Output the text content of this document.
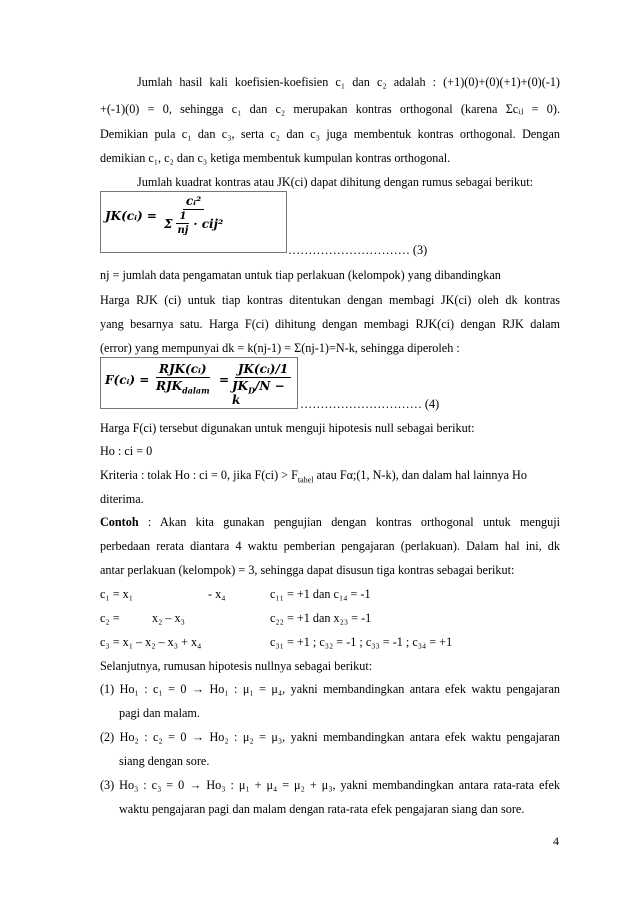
Jumlah hasil kali koefisien-koefisien c₁ dan c₂ adalah : (+1)(0)+(0)(+1)+(0)(-1)
+(-1)(0) = 0, sehingga c₁ dan c₂ merupakan kontras orthogonal (karena Σcᵢⱼ = 0).
Demikian pula c₁ dan c₃, serta c₂ dan c₃ juga membentuk kontras orthogonal. Dengan
demikian c₁, c₂ dan c₃ ketiga membentuk kumpulan kontras orthogonal.
Jumlah kuadrat kontras atau JK(ci) dapat dihitung dengan rumus sebagai berikut:
JK(cᵢ) =
cᵢ²
Σ $\frac{1}{nj} \cdot cij^2$
………………………… (3)
nj = jumlah data pengamatan untuk tiap perlakuan (kelompok) yang dibandingkan
Harga RJK (ci) untuk tiap kontras ditentukan dengan membagi JK(ci) oleh dk kontras
yang besarnya satu. Harga F(ci) dihitung dengan membagi RJK(ci) dengan RJK dalam
(error) yang mempunyai dk = k(nj-1) = Σ(nj-1)=N-k, sehingga diperoleh :
F(cᵢ) =
RJK(cᵢ)
$RJK_{dalam}$
=
JK(cᵢ)/1
$JK_D/N - k$	………………………… (4)
Harga F(ci) tersebut digunakan untuk menguji hipotesis null sebagai berikut:
Ho : ci = 0
Kriteria : tolak Ho : ci = 0, jika $F(ci) > F_{tabel}$ atau Fα;(1, N-k), dan dalam hal lainnya Ho
diterima.
Contoh : Akan kita gunakan pengujian dengan kontras orthogonal untuk menguji
perbedaan rerata diantara 4 waktu pemberian pengajaran (perlakuan). Dalam hal ini, dk
antar perlakuan (kelompok) = 3, sehingga dapat disusun tiga kontras sebagai berikut:
c₁ = x₁	- x₄	c₁₁ = +1 dan c₁₄ = -1
c₂ =	x₂ – x₃	c₂₂ = +1 dan x₂₃ = -1
c₃ = x₁ – x₂ – x₃ + x₄	c₃₁ = +1 ; c₃₂ = -1 ; c₃₃ = -1 ; c₃₄ = +1
Selanjutnya, rumusan hipotesis nullnya sebagai berikut:
(1) Ho₁ : c₁ = 0 → Ho₁ : μ₁ = μ₄, yakni membandingkan antara efek waktu pengajaran
pagi dan malam.
(2) Ho₂ : c₂ = 0 → Ho₂ : μ₂ = μ₃, yakni membandingkan antara efek waktu pengajaran
siang dengan sore.
(3) Ho₃ : c₃ = 0 → Ho₃ : μ₁ + μ₄ = μ₂ + μ₃, yakni membandingkan antara rata-rata efek
waktu pengajaran pagi dan malam dengan rata-rata efek pengajaran siang dan sore.
4
